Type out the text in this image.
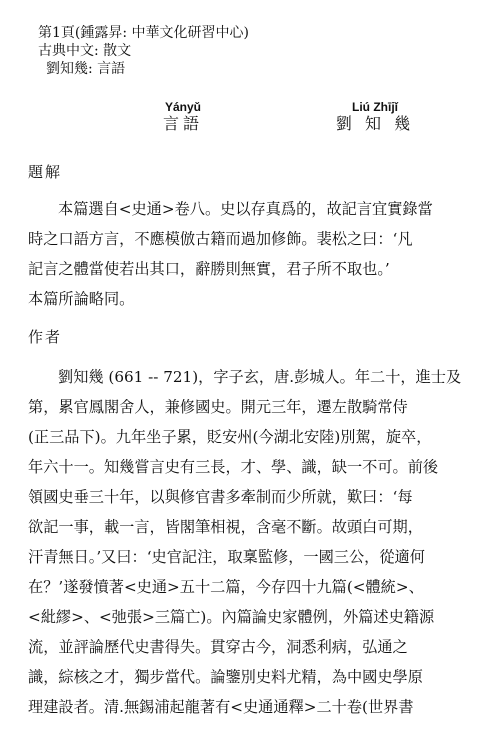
第1頁(鍾露昇: 中華文化研習中心)
古典中文: 散文
劉知幾: 言語
Yányǔ
言語
Liú Zhījǐ
劉 知 幾
題解
本篇選自<史通>卷八。史以存真爲的，故記言宜實錄當
時之口語方言，不應模倣古籍而過加修飾。裴松之曰：‘凡
記言之體當使若出其口，辭勝則無實，君子所不取也。’
本篇所論略同。
作者
劉知幾 (661 -- 721)，字子玄，唐.彭城人。年二十，進士及
第，累官鳳閣舍人，兼修國史。開元三年，遷左散騎常侍
(正三品下)。九年坐子累，貶安州(今湖北安陸)別駕，旋卒，
年六十一。知幾嘗言史有三長，才、學、識，缺一不可。前後
領國史垂三十年，以與修官書多牽制而少所就，歎曰：‘每
欲記一事，載一言，皆閣筆相視，含毫不斷。故頭白可期，
汗青無日。’又曰：‘史官記注，取稟監修，一國三公，從適何
在？’遂發憤著<史通>五十二篇，今存四十九篇(<體統>、
<紕繆>、<弛張>三篇亡)。內篇論史家體例，外篇述史籍源
流，並評論歷代史書得失。貫穿古今，洞悉利病，弘通之
識，綜核之才，獨步當代。論鑒別史料尤精，為中國史學原
理建設者。清.無錫浦起龍著有<史通通釋>二十卷(世界書
